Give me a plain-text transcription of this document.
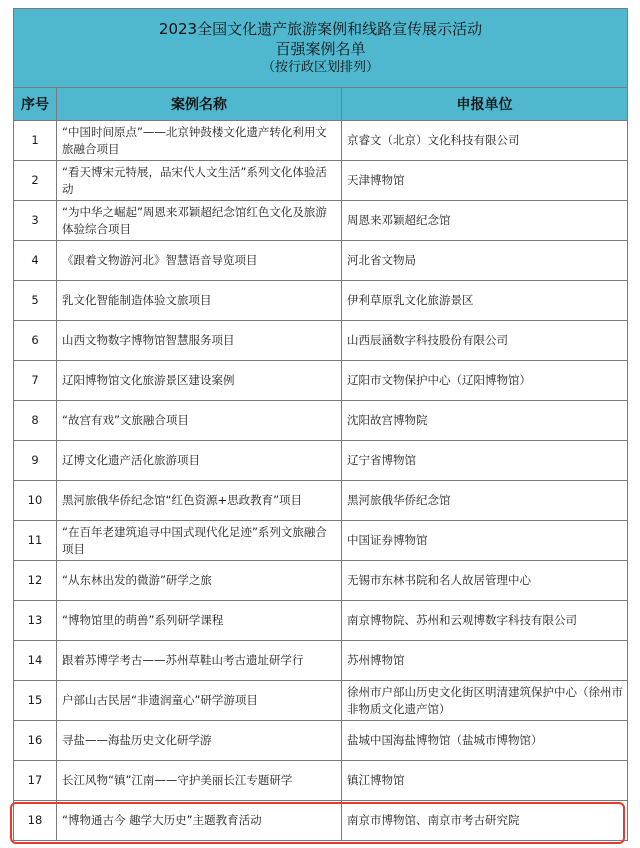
2023全国文化遗产旅游案例和线路宣传展示活动
百强案例名单
（按行政区划排列）		

序号	案例名称	申报单位
1	“中国时间原点”——北京钟鼓楼文化遗产转化利用文旅融合项目	京睿文（北京）文化科技有限公司
2	“看天博宋元特展，品宋代人文生活”系列文化体验活动	天津博物馆
3	“为中华之崛起”周恩来邓颖超纪念馆红色文化及旅游体验综合项目	周恩来邓颖超纪念馆
4	《跟着文物游河北》智慧语音导览项目	河北省文物局
5	乳文化智能制造体验文旅项目	伊利草原乳文化旅游景区
6	山西文物数字博物馆智慧服务项目	山西辰涵数字科技股份有限公司
7	辽阳博物馆文化旅游景区建设案例	辽阳市文物保护中心（辽阳博物馆）
8	“故宫有戏”文旅融合项目	沈阳故宫博物院
9	辽博文化遗产活化旅游项目	辽宁省博物馆
10	黑河旅俄华侨纪念馆“红色资源+思政教育”项目	黑河旅俄华侨纪念馆
11	“在百年老建筑追寻中国式现代化足迹”系列文旅融合项目	中国证券博物馆
12	“从东林出发的微游”研学之旅	无锡市东林书院和名人故居管理中心
13	“博物馆里的萌兽”系列研学课程	南京博物院、苏州和云观博数字科技有限公司
14	跟着苏博学考古——苏州草鞋山考古遗址研学行	苏州博物馆
15	户部山古民居“非遗润童心”研学游项目	徐州市户部山历史文化街区明清建筑保护中心（徐州市非物质文化遗产馆）
16	寻盐——海盐历史文化研学游	盐城中国海盐博物馆（盐城市博物馆）
17	长江风物“镇”江南——守护美丽长江专题研学	镇江博物馆
18	“博物通古今 趣学大历史”主题教育活动	南京市博物馆、南京市考古研究院
